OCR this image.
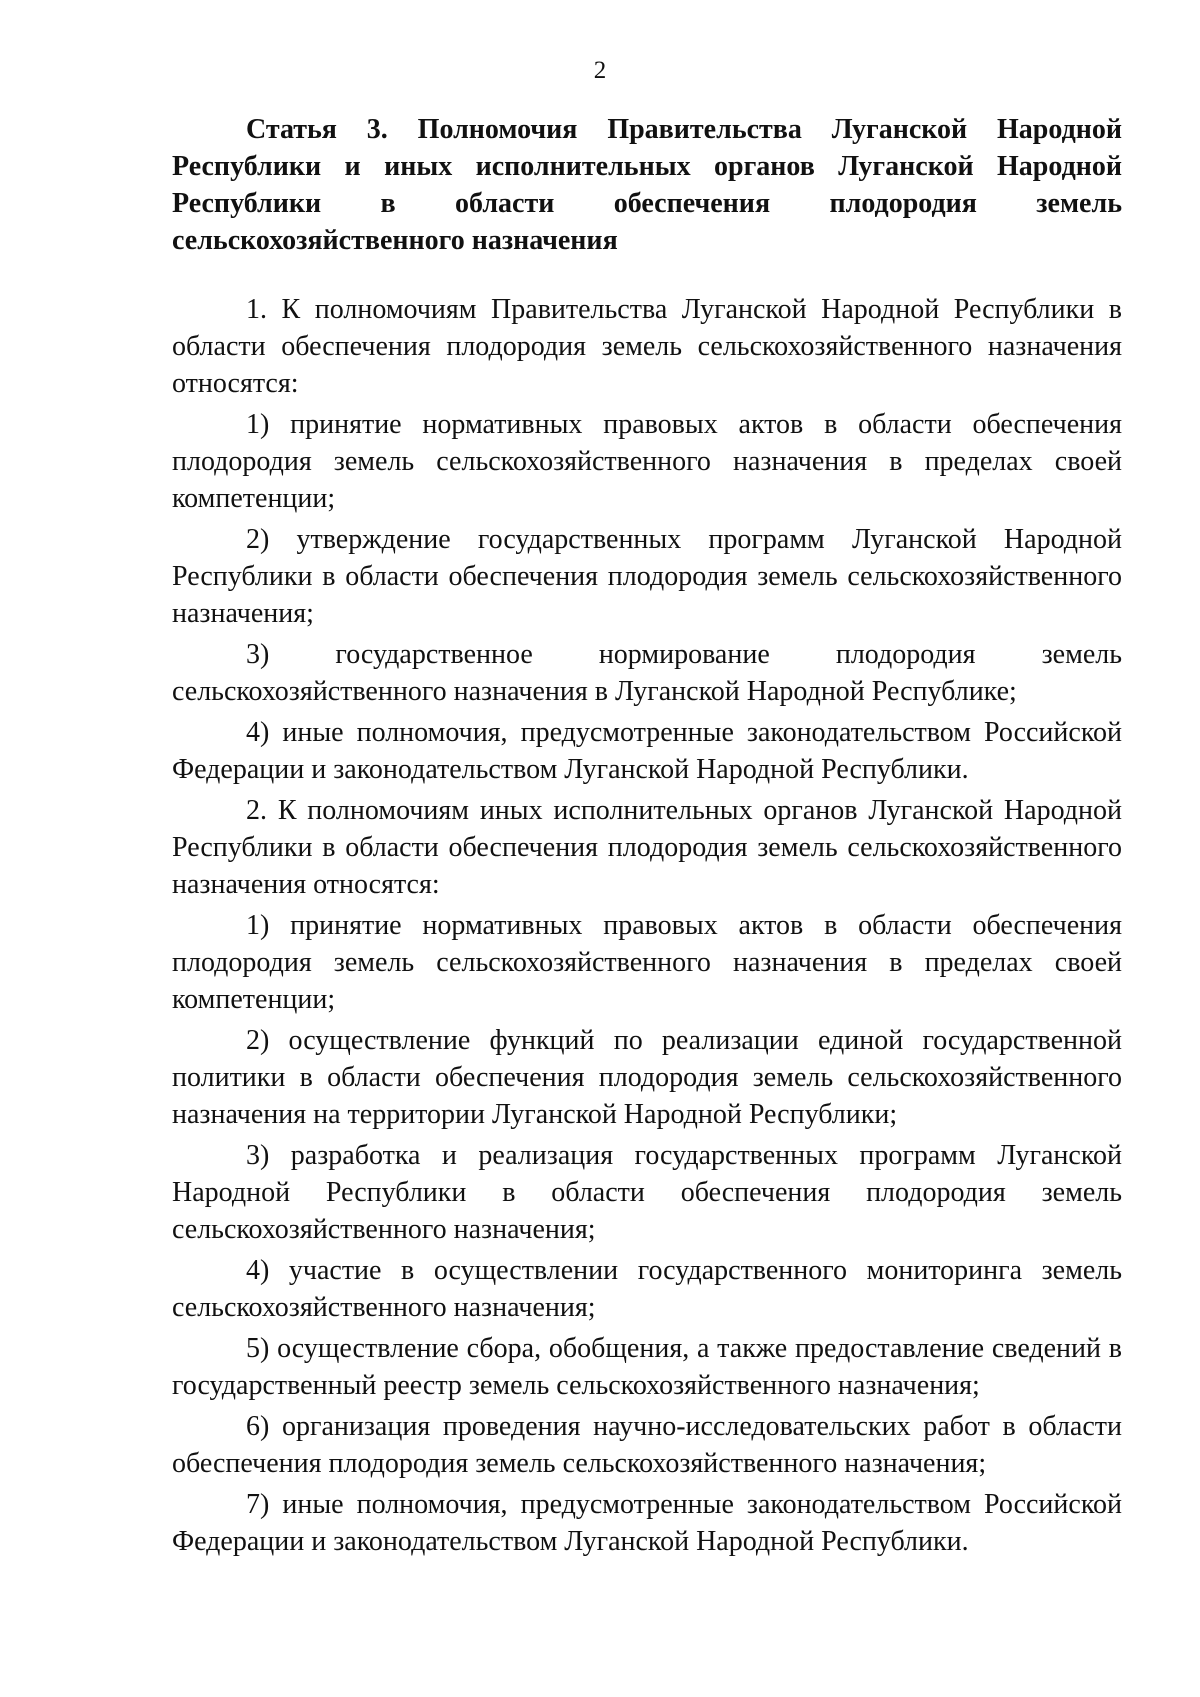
2
Статья 3. Полномочия Правительства Луганской Народной Республики и иных исполнительных органов Луганской Народной Республики в области обеспечения плодородия земель сельскохозяйственного назначения

1. К полномочиям Правительства Луганской Народной Республики в области обеспечения плодородия земель сельскохозяйственного назначения относятся:

1) принятие нормативных правовых актов в области обеспечения плодородия земель сельскохозяйственного назначения в пределах своей компетенции;

2) утверждение государственных программ Луганской Народной Республики в области обеспечения плодородия земель сельскохозяйственного назначения;

3) государственное нормирование плодородия земель сельскохозяйственного назначения в Луганской Народной Республике;

4) иные полномочия, предусмотренные законодательством Российской Федерации и законодательством Луганской Народной Республики.

2. К полномочиям иных исполнительных органов Луганской Народной Республики в области обеспечения плодородия земель сельскохозяйственного назначения относятся:

1) принятие нормативных правовых актов в области обеспечения плодородия земель сельскохозяйственного назначения в пределах своей компетенции;

2) осуществление функций по реализации единой государственной политики в области обеспечения плодородия земель сельскохозяйственного назначения на территории Луганской Народной Республики;

3) разработка и реализация государственных программ Луганской Народной Республики в области обеспечения плодородия земель сельскохозяйственного назначения;

4) участие в осуществлении государственного мониторинга земель сельскохозяйственного назначения;

5) осуществление сбора, обобщения, а также предоставление сведений в государственный реестр земель сельскохозяйственного назначения;

6) организация проведения научно-исследовательских работ в области обеспечения плодородия земель сельскохозяйственного назначения;

7) иные полномочия, предусмотренные законодательством Российской Федерации и законодательством Луганской Народной Республики.
